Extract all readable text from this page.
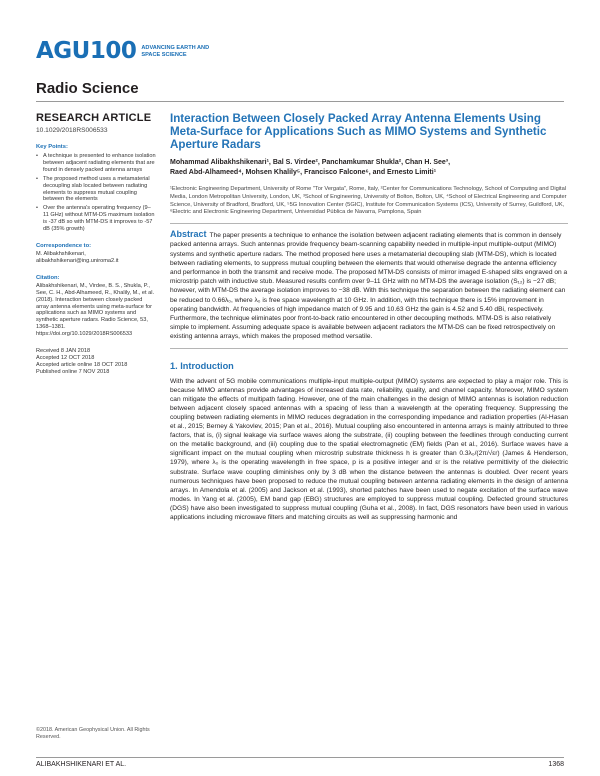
AGU100 ADVANCING EARTH AND SPACE SCIENCE
Radio Science
RESEARCH ARTICLE
10.1029/2018RS006533
Key Points:
• A technique is presented to enhance isolation between adjacent radiating elements that are found in densely packed antenna arrays
• The proposed method uses a metamaterial decoupling slab located between radiating elements to suppress mutual coupling between the elements
• Over the antenna's operating frequency (9–11 GHz) without MTM-DS maximum isolation is -37 dB so with MTM-DS it improves to -57 dB (35% growth)
Correspondence to:
M. Alibakhshikenari, alibakhshikenari@ing.uniroma2.it
Citation:
Alibakhshikenari, M., Virdee, B. S., Shukla, P., See, C. H., Abd-Alhameed, R., Khalily, M., et al. (2018). Interaction between closely packed array antenna elements using meta-surface for applications such as MIMO systems and synthetic aperture radars. Radio Science, 53, 1368–1381. https://doi.org/10.1029/2018RS006533
Received 8 JAN 2018
Accepted 12 OCT 2018
Accepted article online 18 OCT 2018
Published online 7 NOV 2018
©2018. American Geophysical Union. All Rights Reserved.
Interaction Between Closely Packed Array Antenna Elements Using Meta-Surface for Applications Such as MIMO Systems and Synthetic Aperture Radars
Mohammad Alibakhshikenari¹, Bal S. Virdee², Panchamkumar Shukla², Chan H. See³,
Raed Abd-Alhameed⁴, Mohsen Khalily⁵, Francisco Falcone⁶, and Ernesto Limiti¹
¹Electronic Engineering Department, University of Rome "Tor Vergata", Rome, Italy, ²Center for Communications Technology, School of Computing and Digital Media, London Metropolitan University, London, UK, ³School of Engineering, University of Bolton, Bolton, UK, ⁴School of Electrical Engineering and Computer Science, University of Bradford, Bradford, UK, ⁵5G Innovation Center (5GIC), Institute for Communication Systems (ICS), University of Surrey, Guildford, UK, ⁶Electric and Electronic Engineering Department, Universidad Pública de Navarra, Pamplona, Spain
Abstract The paper presents a technique to enhance the isolation between adjacent radiating elements that is common in densely packed antenna arrays. Such antennas provide frequency beam-scanning capability needed in multiple-input multiple-output (MIMO) systems and synthetic aperture radars. The method proposed here uses a metamaterial decoupling slab (MTM-DS), which is located between radiating elements, to suppress mutual coupling between the elements that would otherwise degrade the antenna efficiency and performance in both the transmit and receive mode. The proposed MTM-DS consists of mirror imaged E-shaped slits engraved on a microstrip patch with inductive stub. Measured results confirm over 9–11 GHz with no MTM-DS the average isolation (S₁₂) is −27 dB; however, with MTM-DS the average isolation improves to −38 dB. With this technique the separation between the radiating element can be reduced to 0.66λ₀, where λ₀ is free space wavelength at 10 GHz. In addition, with this technique there is 15% improvement in operating bandwidth. At frequencies of high impedance match of 9.95 and 10.63 GHz the gain is 4.52 and 5.40 dBi, respectively. Furthermore, the technique eliminates poor front-to-back ratio encountered in other decoupling methods. MTM-DS is also relatively simple to implement. Assuming adequate space is available between adjacent radiators the MTM-DS can be fixed retrospectively on existing antenna arrays, which makes the proposed method versatile.
1. Introduction
With the advent of 5G mobile communications multiple-input multiple-output (MIMO) systems are expected to play a major role. This is because MIMO antennas provide advantages of increased data rate, reliability, quality, and channel capacity. Moreover, MIMO system can mitigate the effects of multipath fading. However, one of the main challenges in the design of MIMO antennas is isolation reduction between adjacent closely spaced antennas with a spacing of less than a wavelength at the operating frequency. Suppressing the coupling between radiating elements in MIMO reduces degradation in the corresponding impedance and radiation properties (Al-Hasan et al., 2015; Berney & Yakovlev, 2015; Pan et al., 2016). Mutual coupling also encountered in antenna arrays is mainly attributed to three factors, that is, (i) signal leakage via surface waves along the substrate, (ii) coupling between the feedlines through conducting current on the metallic background, and (iii) coupling due to the spatial electromagnetic (EM) fields (Pan et al., 2016). Surface waves have a significant impact on the mutual coupling when microstrip substrate thickness h is greater than 0.3λ₀/(2π/√εr) (James & Henderson, 1979), where λ₀ is the operating wavelength in free space, p is a positive integer and εr is the relative permittivity of the dielectric substrate. Surface wave coupling diminishes only by 3 dB when the distance between the antennas is doubled. Over recent years numerous techniques have been proposed to reduce the mutual coupling between antenna radiating elements in the design of antenna arrays. In Amendola et al. (2005) and Jackson et al. (1993), shorted patches have been used to negate excitation of the surface wave modes. In Yang et al. (2005), EM band gap (EBG) structures are employed to suppress mutual coupling. Defected ground structures (DGS) have also been investigated to suppress mutual coupling (Guha et al., 2008). In fact, DGS resonators have been used in various applications including microwave filters and matching circuits as well as suppressing harmonic and
ALIBAKHSHIKENARI ET AL.	1368
